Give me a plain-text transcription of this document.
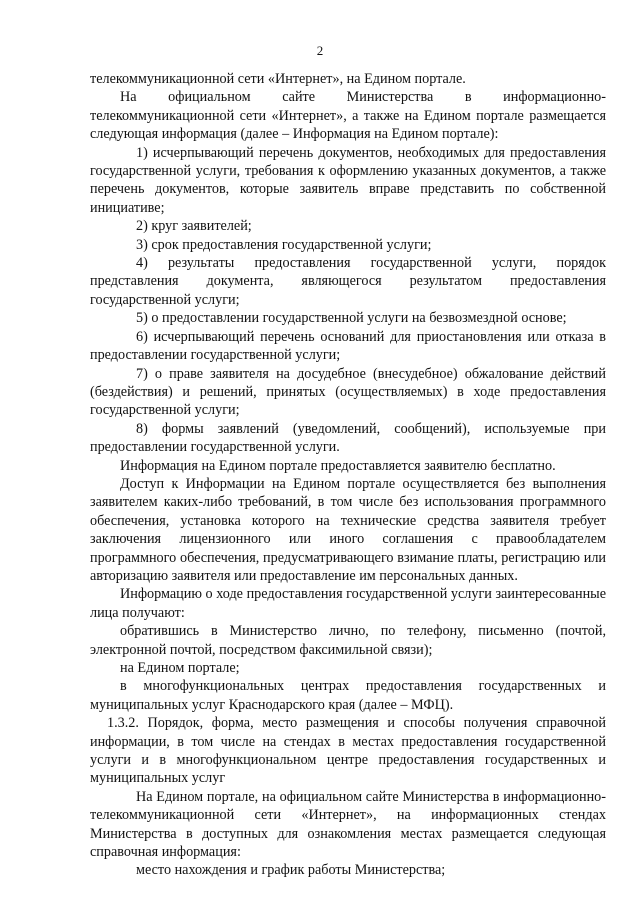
2

телекоммуникационной сети «Интернет», на Едином портале.

На официальном сайте Министерства в информационно-телекоммуникационной сети «Интернет», а также на Едином портале размещается следующая информация (далее – Информация на Едином портале):

1) исчерпывающий перечень документов, необходимых для предоставления государственной услуги, требования к оформлению указанных документов, а также перечень документов, которые заявитель вправе представить по собственной инициативе;

2) круг заявителей;

3) срок предоставления государственной услуги;

4) результаты предоставления государственной услуги, порядок представления документа, являющегося результатом предоставления государственной услуги;

5) о предоставлении государственной услуги на безвозмездной основе;

6) исчерпывающий перечень оснований для приостановления или отказа в предоставлении государственной услуги;

7) о праве заявителя на досудебное (внесудебное) обжалование действий (бездействия) и решений, принятых (осуществляемых) в ходе предоставления государственной услуги;

8) формы заявлений (уведомлений, сообщений), используемые при предоставлении государственной услуги.

Информация на Едином портале предоставляется заявителю бесплатно.

Доступ к Информации на Едином портале осуществляется без выполнения заявителем каких-либо требований, в том числе без использования программного обеспечения, установка которого на технические средства заявителя требует заключения лицензионного или иного соглашения с правообладателем программного обеспечения, предусматривающего взимание платы, регистрацию или авторизацию заявителя или предоставление им персональных данных.

Информацию о ходе предоставления государственной услуги заинтересованные лица получают:

обратившись в Министерство лично, по телефону, письменно (почтой, электронной почтой, посредством факсимильной связи);

на Едином портале;

в многофункциональных центрах предоставления государственных и муниципальных услуг Краснодарского края (далее – МФЦ).

1.3.2. Порядок, форма, место размещения и способы получения справочной информации, в том числе на стендах в местах предоставления государственной услуги и в многофункциональном центре предоставления государственных и муниципальных услуг

На Едином портале, на официальном сайте Министерства в информационно-телекоммуникационной сети «Интернет», на информационных стендах Министерства в доступных для ознакомления местах размещается следующая справочная информация:

место нахождения и график работы Министерства;
